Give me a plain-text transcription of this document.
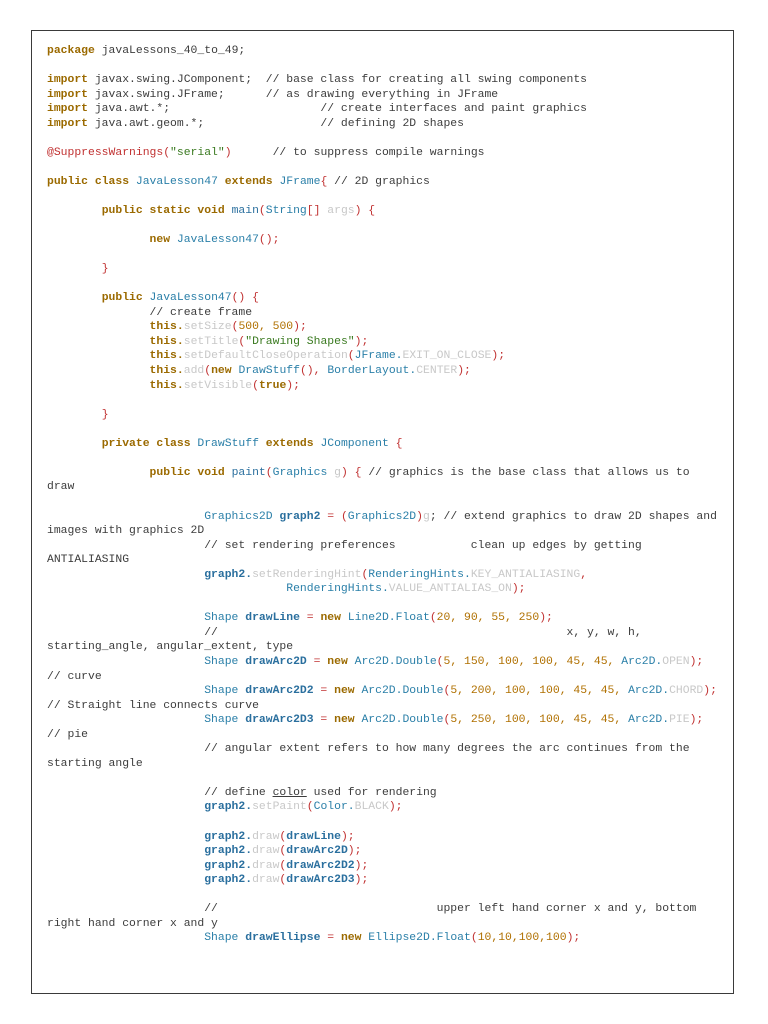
package javaLessons_40_to_49;

import javax.swing.JComponent;  // base class for creating all swing components
import javax.swing.JFrame;      // as drawing everything in JFrame
import java.awt.*;                      // create interfaces and paint graphics
import java.awt.geom.*;                 // defining 2D shapes

@SuppressWarnings("serial")      // to suppress compile warnings

public class JavaLesson47 extends JFrame{ // 2D graphics

public static void main(String[] args) {

new JavaLesson47();

}

public JavaLesson47() {
// create frame
this.setSize(500, 500);
this.setTitle("Drawing Shapes");
this.setDefaultCloseOperation(JFrame.EXIT_ON_CLOSE);
this.add(new DrawStuff(), BorderLayout.CENTER);
this.setVisible(true);

}

private class DrawStuff extends JComponent {

public void paint(Graphics g) { // graphics is the base class that allows us to
draw

Graphics2D graph2 = (Graphics2D)g; // extend graphics to draw 2D shapes and
images with graphics 2D
// set rendering preferences           clean up edges by getting
ANTIALIASING
graph2.setRenderingHint(RenderingHints.KEY_ANTIALIASING,
RenderingHints.VALUE_ANTIALIAS_ON);

Shape drawLine = new Line2D.Float(20, 90, 55, 250);
//                                                   x, y, w, h,
starting_angle, angular_extent, type
Shape drawArc2D = new Arc2D.Double(5, 150, 100, 100, 45, 45, Arc2D.OPEN);
// curve
Shape drawArc2D2 = new Arc2D.Double(5, 200, 100, 100, 45, 45, Arc2D.CHORD);
// Straight line connects curve
Shape drawArc2D3 = new Arc2D.Double(5, 250, 100, 100, 45, 45, Arc2D.PIE);
// pie
// angular extent refers to how many degrees the arc continues from the
starting angle

// define color used for rendering
graph2.setPaint(Color.BLACK);

graph2.draw(drawLine);
graph2.draw(drawArc2D);
graph2.draw(drawArc2D2);
graph2.draw(drawArc2D3);

//                                upper left hand corner x and y, bottom
right hand corner x and y
Shape drawEllipse = new Ellipse2D.Float(10,10,100,100);
